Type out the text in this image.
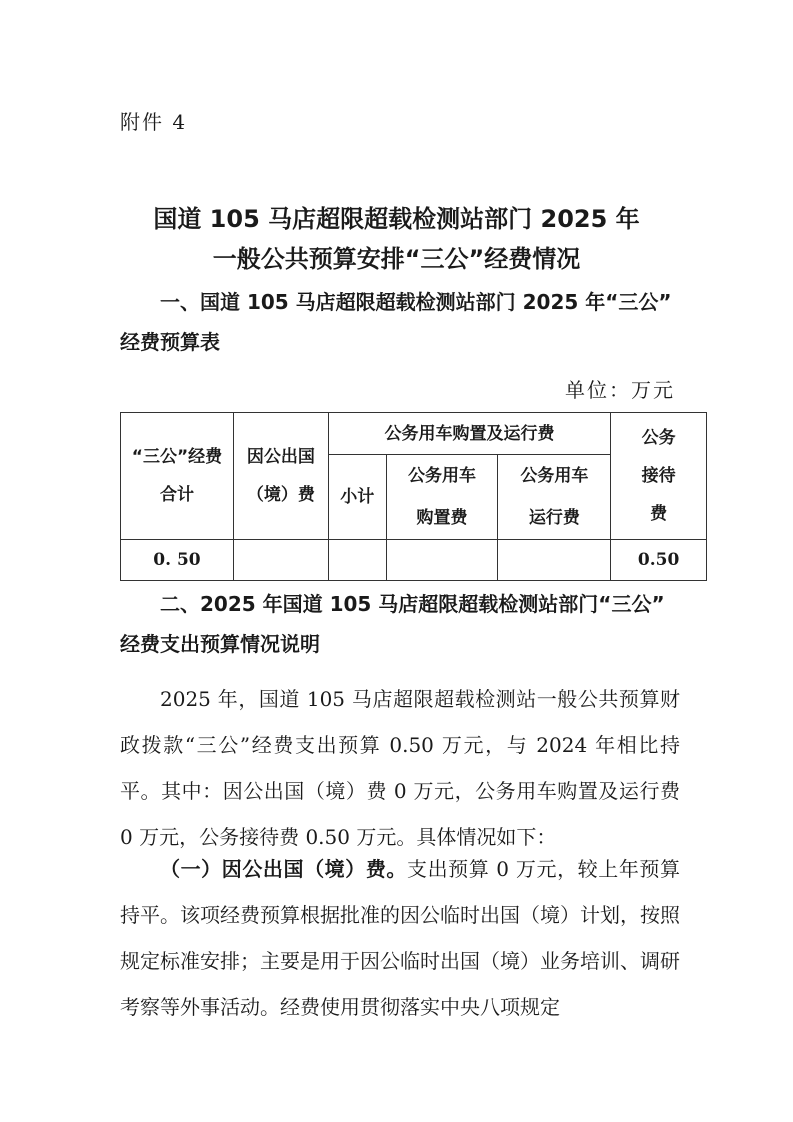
附件 4
国道 105 马店超限超载检测站部门 2025 年
一般公共预算安排“三公”经费情况
一、国道 105 马店超限超载检测站部门 2025 年“三公”
经费预算表
单位：万元
“三公”经费合计	因公出国（境）费	公务用车购置及运行费			公务接待费
		小计	公务用车购置费	公务用车运行费	
0. 50					0.50
二、2025 年国道 105 马店超限超载检测站部门“三公”
经费支出预算情况说明
2025 年，国道 105 马店超限超载检测站一般公共预算财政拨款“三公”经费支出预算 0.50 万元，与 2024 年相比持平。其中：因公出国（境）费 0 万元，公务用车购置及运行费 0 万元，公务接待费 0.50 万元。具体情况如下：
（一）因公出国（境）费。支出预算 0 万元，较上年预算持平。该项经费预算根据批准的因公临时出国（境）计划，按照规定标准安排；主要是用于因公临时出国（境）业务培训、调研考察等外事活动。经费使用贯彻落实中央八项规定
